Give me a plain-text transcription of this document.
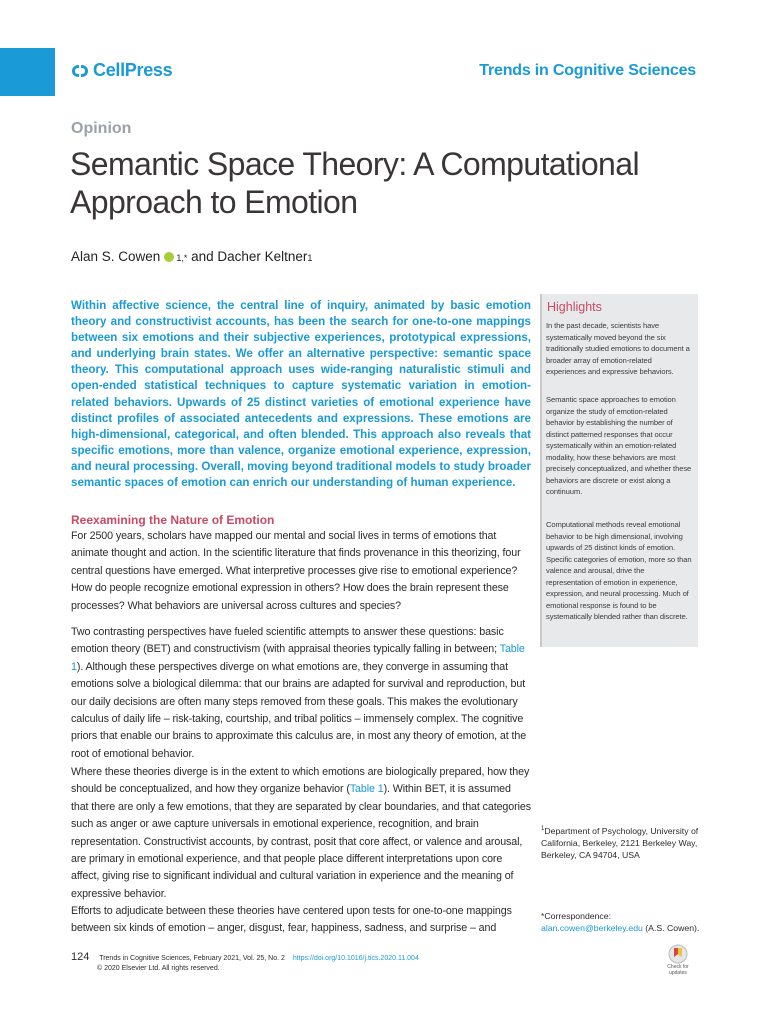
CellPress	Trends in Cognitive Sciences
Opinion
Semantic Space Theory: A Computational Approach to Emotion
Alan S. Cowen 1,* and Dacher Keltner 1

Within affective science, the central line of inquiry, animated by basic emotion theory and constructivist accounts, has been the search for one-to-one mappings between six emotions and their subjective experiences, prototypical expressions, and underlying brain states. We offer an alternative perspective: semantic space theory. This computational approach uses wide-ranging naturalistic stimuli and open-ended statistical techniques to capture systematic variation in emotion-related behaviors. Upwards of 25 distinct varieties of emotional experience have distinct profiles of associated antecedents and expressions. These emotions are high-dimensional, categorical, and often blended. This approach also reveals that specific emotions, more than valence, organize emotional experience, expression, and neural processing. Overall, moving beyond traditional models to study broader semantic spaces of emotion can enrich our understanding of human experience.

Highlights

In the past decade, scientists have systematically moved beyond the six traditionally studied emotions to document a broader array of emotion-related experiences and expressive behaviors.

Semantic space approaches to emotion organize the study of emotion-related behavior by establishing the number of distinct patterned responses that occur systematically within an emotion-related modality, how these behaviors are most precisely conceptualized, and whether these behaviors are discrete or exist along a continuum.

Computational methods reveal emotional behavior to be high dimensional, involving upwards of 25 distinct kinds of emotion. Specific categories of emotion, more so than valence and arousal, drive the representation of emotion in experience, expression, and neural processing. Much of emotional response is found to be systematically blended rather than discrete.

Reexamining the Nature of Emotion

For 2500 years, scholars have mapped our mental and social lives in terms of emotions that animate thought and action. In the scientific literature that finds provenance in this theorizing, four central questions have emerged. What interpretive processes give rise to emotional experience? How do people recognize emotional expression in others? How does the brain represent these processes? What behaviors are universal across cultures and species?

Two contrasting perspectives have fueled scientific attempts to answer these questions: basic emotion theory (BET) and constructivism (with appraisal theories typically falling in between; Table 1). Although these perspectives diverge on what emotions are, they converge in assuming that emotions solve a biological dilemma: that our brains are adapted for survival and reproduction, but our daily decisions are often many steps removed from these goals. This makes the evolutionary calculus of daily life – risk-taking, courtship, and tribal politics – immensely complex. The cognitive priors that enable our brains to approximate this calculus are, in most any theory of emotion, at the root of emotional behavior.

Where these theories diverge is in the extent to which emotions are biologically prepared, how they should be conceptualized, and how they organize behavior (Table 1). Within BET, it is assumed that there are only a few emotions, that they are separated by clear boundaries, and that categories such as anger or awe capture universals in emotional experience, recognition, and brain representation. Constructivist accounts, by contrast, posit that core affect, or valence and arousal, are primary in emotional experience, and that people place different interpretations upon core affect, giving rise to significant individual and cultural variation in experience and the meaning of expressive behavior.

Efforts to adjudicate between these theories have centered upon tests for one-to-one mappings between six kinds of emotion – anger, disgust, fear, happiness, sadness, and surprise – and

$^1$Department of Psychology, University of California, Berkeley, 2121 Berkeley Way, Berkeley, CA 94704, USA

*Correspondence:
alan.cowen@berkeley.edu (A.S. Cowen).

124 Trends in Cognitive Sciences, February 2021, Vol. 25, No. 2 https://doi.org/10.1016/j.tics.2020.11.004
© 2020 Elsevier Ltd. All rights reserved.	Check for updates
